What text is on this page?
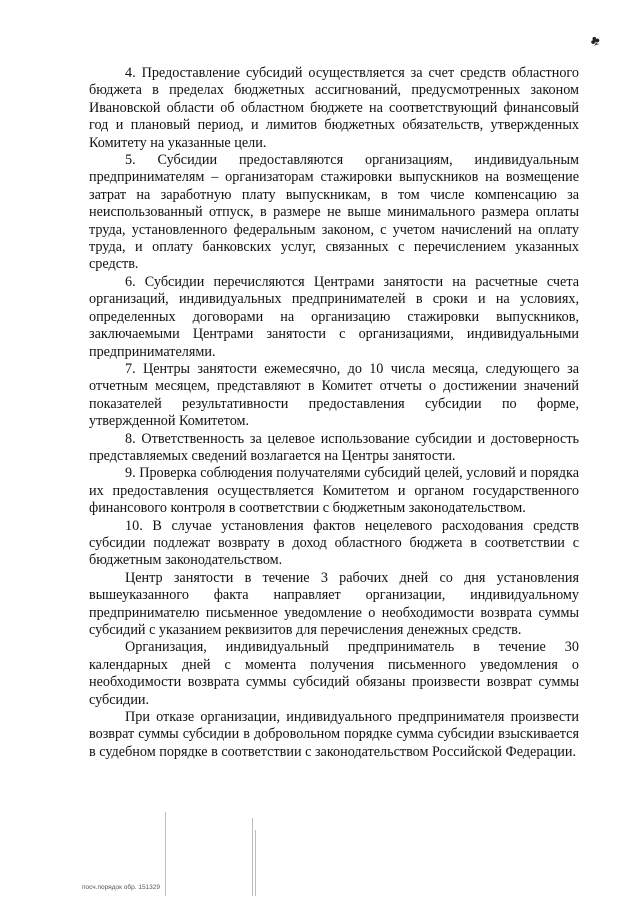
♣

4. Предоставление субсидий осуществляется за счет средств областного бюджета в пределах бюджетных ассигнований, предусмотренных законом Ивановской области об областном бюджете на соответствующий финансовый год и плановый период, и лимитов бюджетных обязательств, утвержденных Комитету на указанные цели.

5. Субсидии предоставляются организациям, индивидуальным предпринимателям – организаторам стажировки выпускников на возмещение затрат на заработную плату выпускникам, в том числе компенсацию за неиспользованный отпуск, в размере не выше минимального размера оплаты труда, установленного федеральным законом, с учетом начислений на оплату труда, и оплату банковских услуг, связанных с перечислением указанных средств.

6. Субсидии перечисляются Центрами занятости на расчетные счета организаций, индивидуальных предпринимателей в сроки и на условиях, определенных договорами на организацию стажировки выпускников, заключаемыми Центрами занятости с организациями, индивидуальными предпринимателями.

7. Центры занятости ежемесячно, до 10 числа месяца, следующего за отчетным месяцем, представляют в Комитет отчеты о достижении значений показателей результативности предоставления субсидии по форме, утвержденной Комитетом.

8. Ответственность за целевое использование субсидии и достоверность представляемых сведений возлагается на Центры занятости.

9. Проверка соблюдения получателями субсидий целей, условий и порядка их предоставления осуществляется Комитетом и органом государственного финансового контроля в соответствии с бюджетным законодательством.

10. В случае установления фактов нецелевого расходования средств субсидии подлежат возврату в доход областного бюджета в соответствии с бюджетным законодательством.

Центр занятости в течение 3 рабочих дней со дня установления вышеуказанного факта направляет организации, индивидуальному предпринимателю письменное уведомление о необходимости возврата суммы субсидий с указанием реквизитов для перечисления денежных средств.

Организация, индивидуальный предприниматель в течение 30 календарных дней с момента получения письменного уведомления о необходимости возврата суммы субсидий обязаны произвести возврат суммы субсидии.

При отказе организации, индивидуального предпринимателя произвести возврат суммы субсидии в добровольном порядке сумма субсидии взыскивается в судебном порядке в соответствии с законодательством Российской Федерации.

посч.порядок обр. 151329
